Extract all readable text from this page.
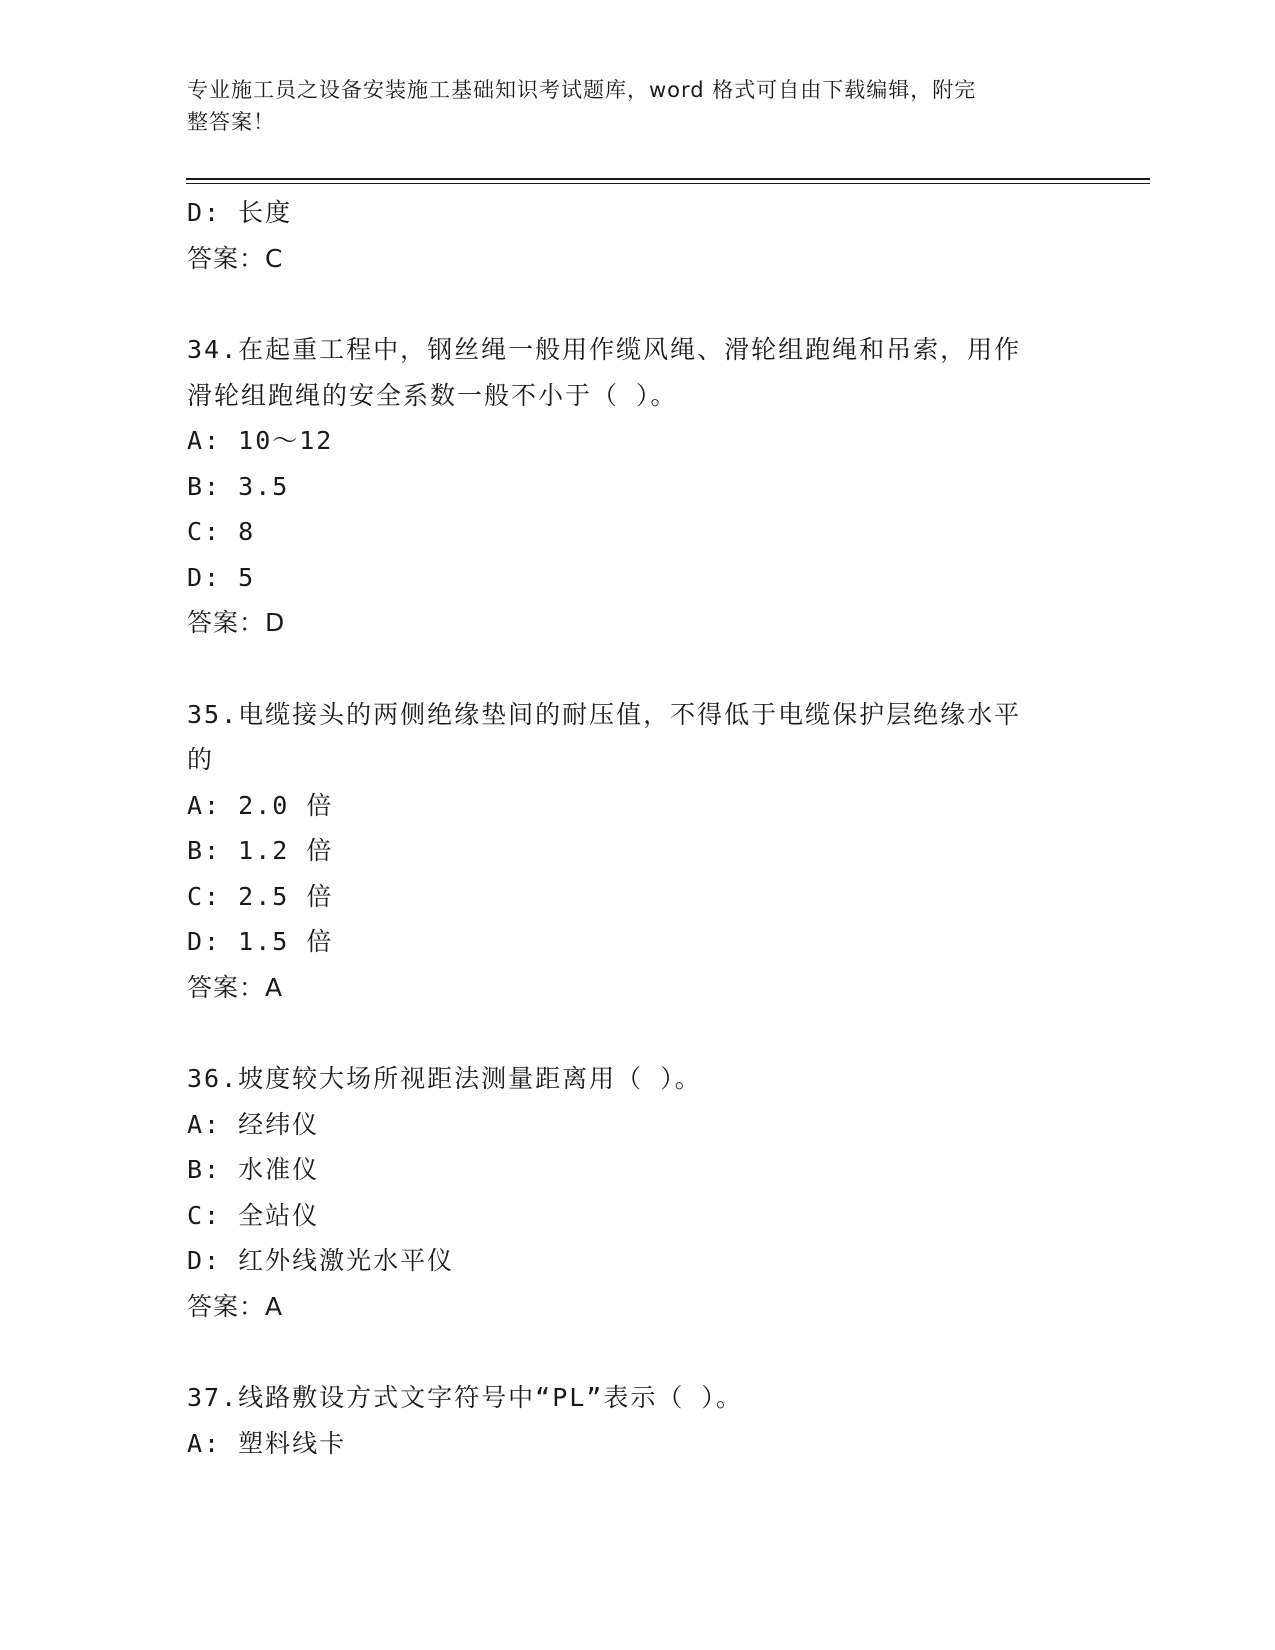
专业施工员之设备安装施工基础知识考试题库，word 格式可自由下载编辑，附完
整答案！
D: 长度
答案：C
34.在起重工程中，钢丝绳一般用作缆风绳、滑轮组跑绳和吊索，用作
滑轮组跑绳的安全系数一般不小于（ ）。
A: 10～12
B: 3.5
C: 8
D: 5
答案：D
35.电缆接头的两侧绝缘垫间的耐压值，不得低于电缆保护层绝缘水平
的
A: 2.0 倍
B: 1.2 倍
C: 2.5 倍
D: 1.5 倍
答案：A
36.坡度较大场所视距法测量距离用（ ）。
A: 经纬仪
B: 水准仪
C: 全站仪
D: 红外线激光水平仪
答案：A
37.线路敷设方式文字符号中“PL”表示（ ）。
A: 塑料线卡
